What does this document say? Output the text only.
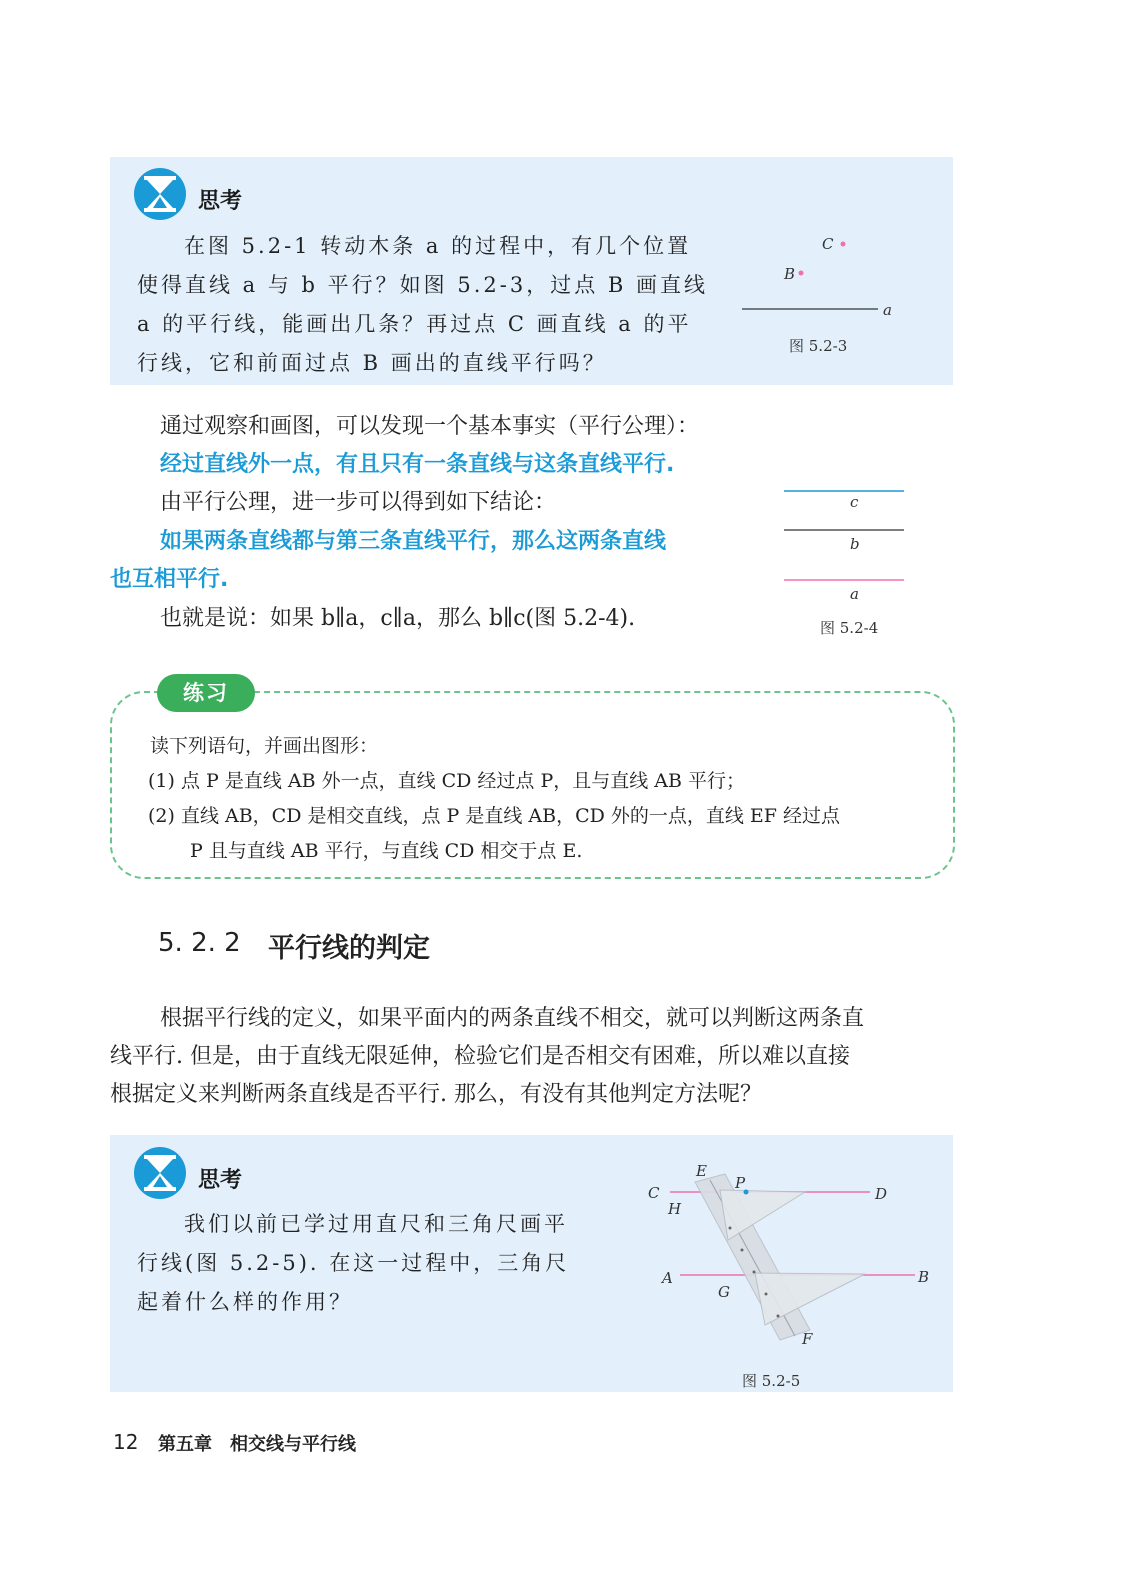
思考
在图 5.2-1 转动木条 a 的过程中，有几个位置
使得直线 a 与 b 平行？如图 5.2-3，过点 B 画直线
a 的平行线，能画出几条？再过点 C 画直线 a 的平
行线，它和前面过点 B 画出的直线平行吗？
C
B
a
图 5.2-3
通过观察和画图，可以发现一个基本事实（平行公理）：
经过直线外一点，有且只有一条直线与这条直线平行.
由平行公理，进一步可以得到如下结论：
如果两条直线都与第三条直线平行，那么这两条直线
也互相平行.
也就是说：如果 b∥a，c∥a，那么 b∥c(图 5.2-4).
c
b
a
图 5.2-4
练习
读下列语句，并画出图形：
(1) 点 P 是直线 AB 外一点，直线 CD 经过点 P，且与直线 AB 平行；
(2) 直线 AB，CD 是相交直线，点 P 是直线 AB，CD 外的一点，直线 EF 经过点
P 且与直线 AB 平行，与直线 CD 相交于点 E.
5. 2. 2 平行线的判定
根据平行线的定义，如果平面内的两条直线不相交，就可以判断这两条直
线平行. 但是，由于直线无限延伸，检验它们是否相交有困难，所以难以直接
根据定义来判断两条直线是否平行. 那么，有没有其他判定方法呢？
思考
我们以前已学过用直尺和三角尺画平
行线(图 5.2-5). 在这一过程中，三角尺
起着什么样的作用？
C
E
P
D
H
A
G
B
F
图 5.2-5
12 第五章　相交线与平行线
